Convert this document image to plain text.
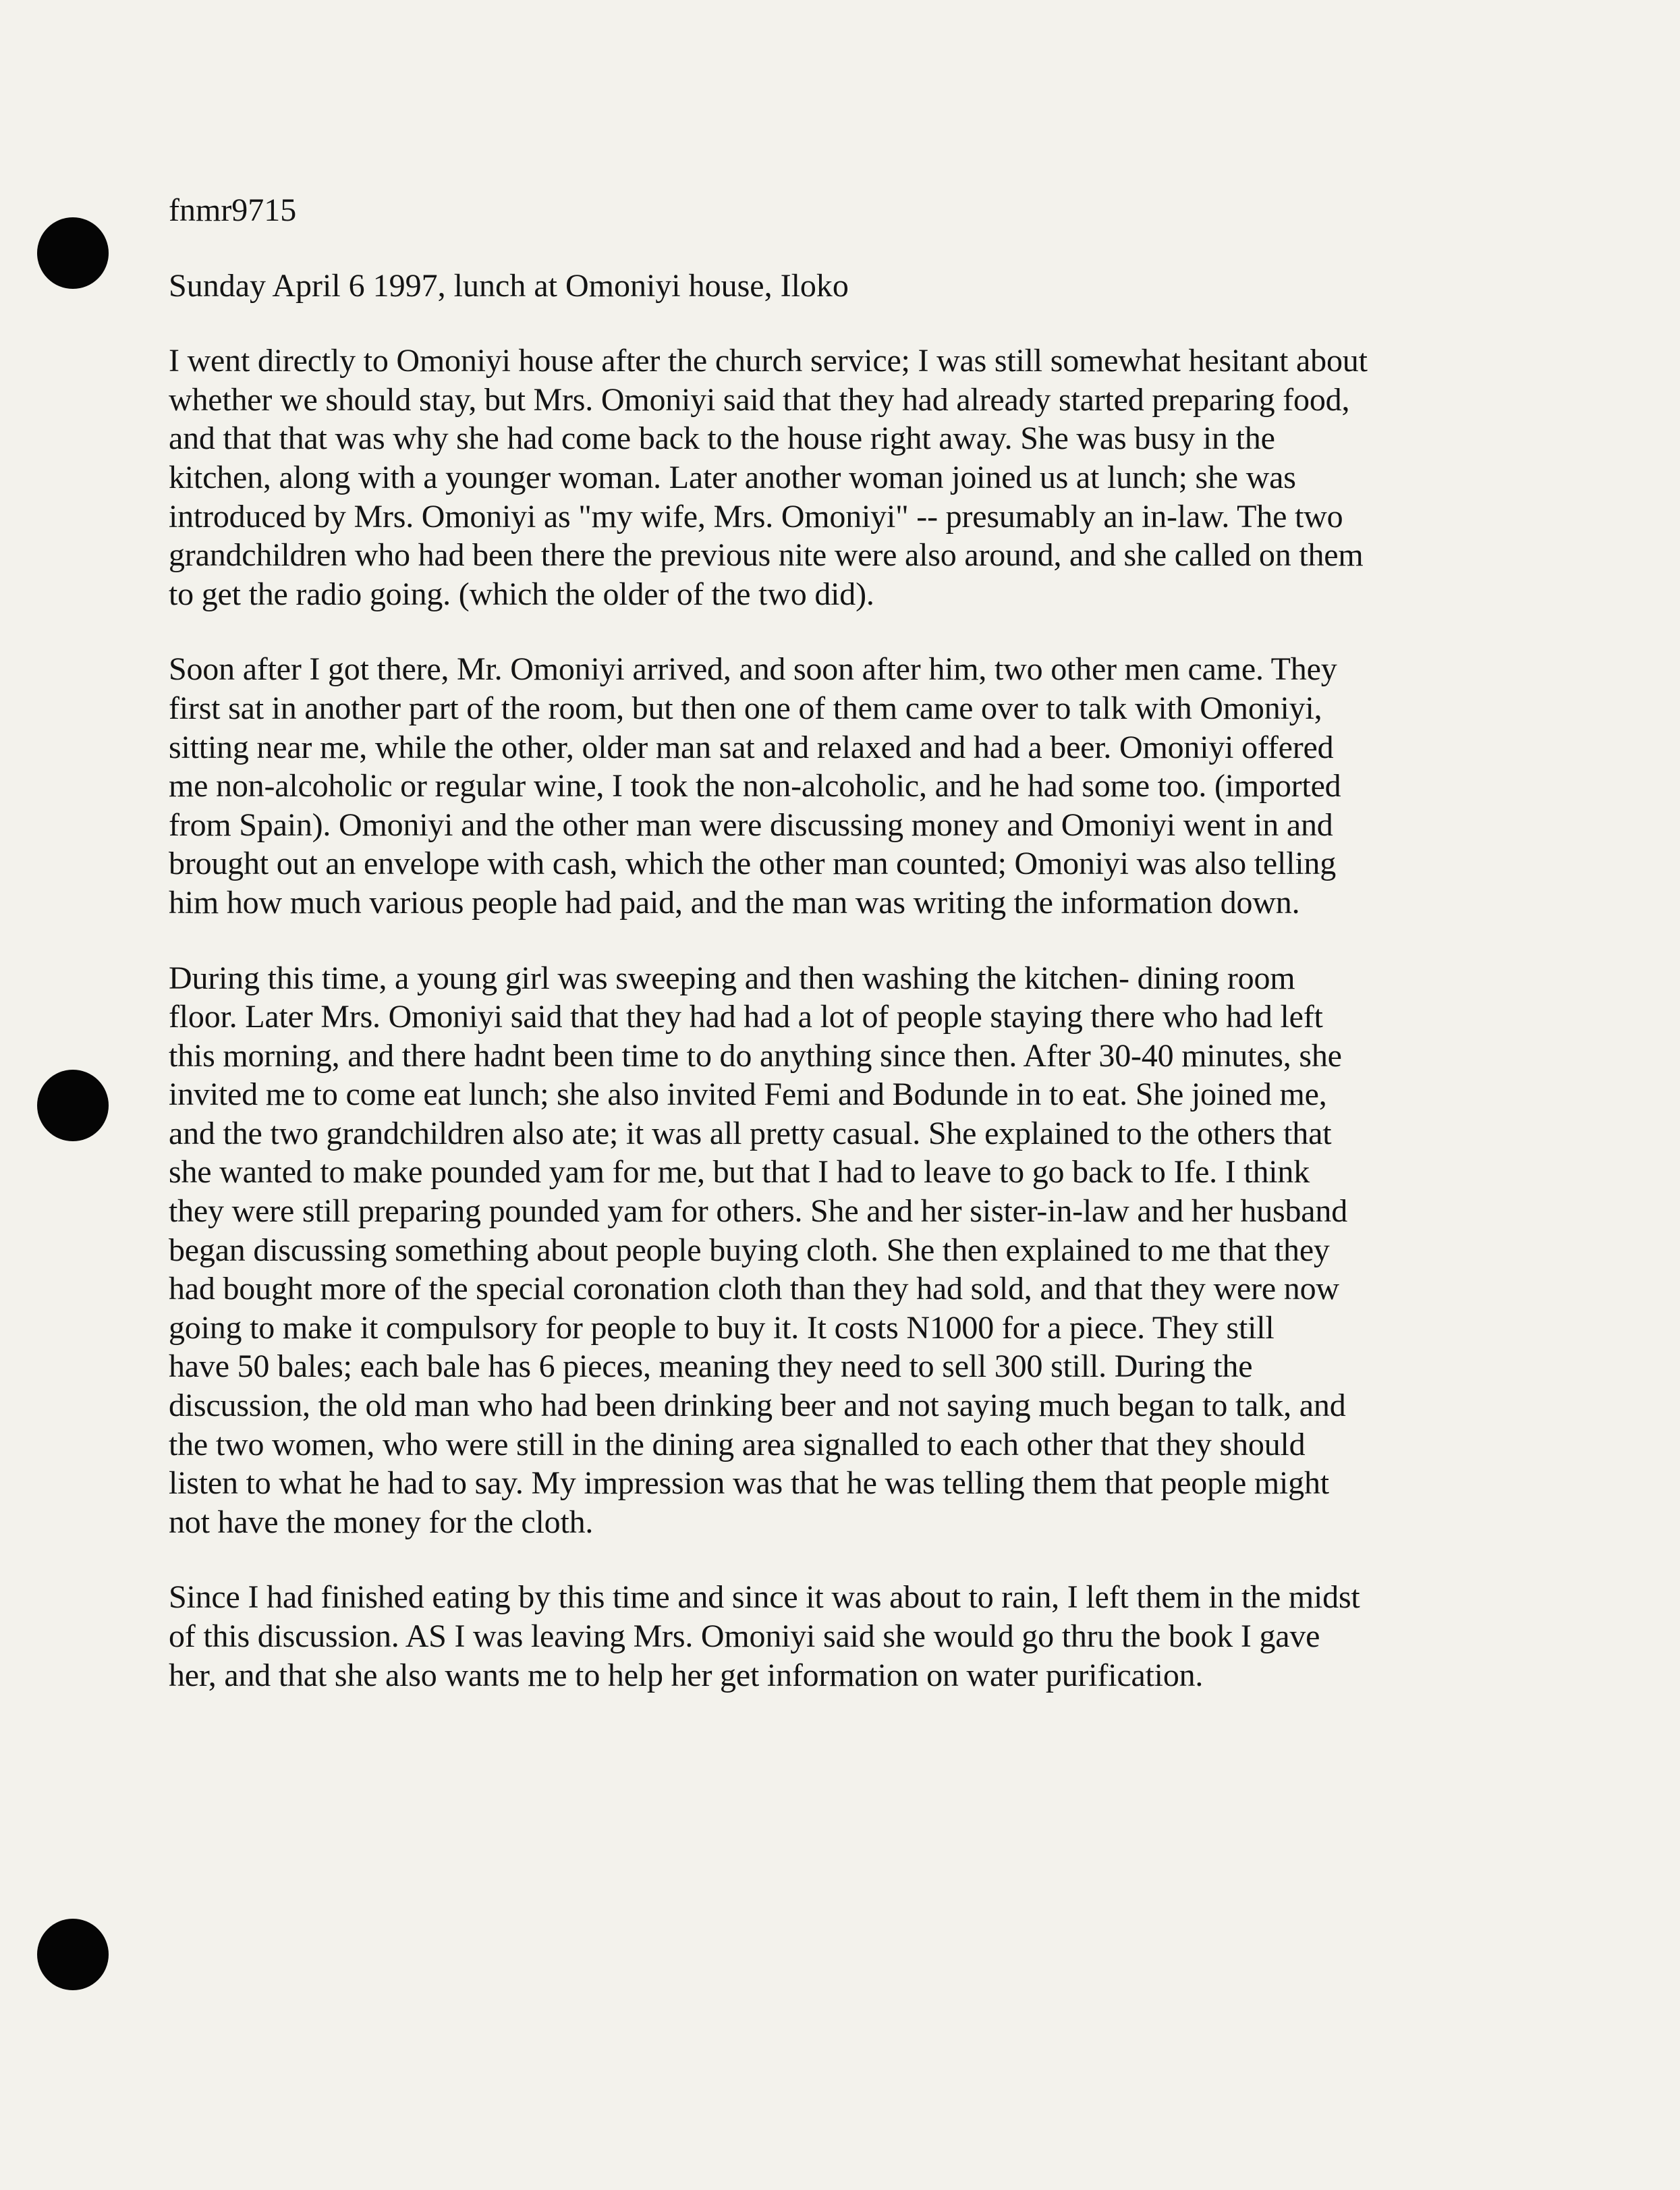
fnmr9715
Sunday April 6 1997, lunch at Omoniyi house, Iloko

I went directly to Omoniyi house after the church service; I was still somewhat hesitant about
whether we should stay, but Mrs. Omoniyi said that they had already started preparing food,
and that that was why she had come back to the house right away. She was busy in the
kitchen, along with a younger woman. Later another woman joined us at lunch; she was
introduced by Mrs. Omoniyi as "my wife, Mrs. Omoniyi" -- presumably an in-law. The two
grandchildren who had been there the previous nite were also around, and she called on them
to get the radio going. (which the older of the two did).

Soon after I got there, Mr. Omoniyi arrived, and soon after him, two other men came. They
first sat in another part of the room, but then one of them came over to talk with Omoniyi,
sitting near me, while the other, older man sat and relaxed and had a beer. Omoniyi offered
me non-alcoholic or regular wine, I took the non-alcoholic, and he had some too. (imported
from Spain). Omoniyi and the other man were discussing money and Omoniyi went in and
brought out an envelope with cash, which the other man counted; Omoniyi was also telling
him how much various people had paid, and the man was writing the information down.

During this time, a young girl was sweeping and then washing the kitchen- dining room
floor. Later Mrs. Omoniyi said that they had had a lot of people staying there who had left
this morning, and there hadnt been time to do anything since then. After 30-40 minutes, she
invited me to come eat lunch; she also invited Femi and Bodunde in to eat. She joined me,
and the two grandchildren also ate; it was all pretty casual. She explained to the others that
she wanted to make pounded yam for me, but that I had to leave to go back to Ife. I think
they were still preparing pounded yam for others. She and her sister-in-law and her husband
began discussing something about people buying cloth. She then explained to me that they
had bought more of the special coronation cloth than they had sold, and that they were now
going to make it compulsory for people to buy it. It costs N1000 for a piece. They still
have 50 bales; each bale has 6 pieces, meaning they need to sell 300 still. During the
discussion, the old man who had been drinking beer and not saying much began to talk, and
the two women, who were still in the dining area signalled to each other that they should
listen to what he had to say. My impression was that he was telling them that people might
not have the money for the cloth.

Since I had finished eating by this time and since it was about to rain, I left them in the midst
of this discussion. AS I was leaving Mrs. Omoniyi said she would go thru the book I gave
her, and that she also wants me to help her get information on water purification.
